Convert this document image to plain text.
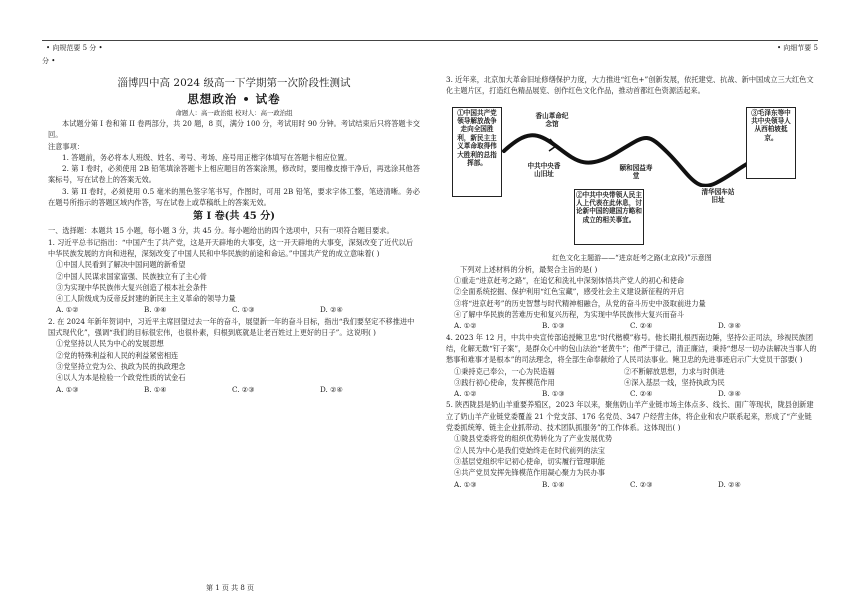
• 向规范要 5 分 •	• 向细节要 5
分 •
淄博四中高 2024 级高一下学期第一次阶段性测试
思想政治 • 试卷
命题人：高一政治组 校对人：高一政治组
本试题分第 I 卷和第 II 卷两部分，共 20 题，8 页，满分 100 分，考试用时 90 分钟。考试结束后只将答题卡交回。
注意事项：
1. 答题前，务必将本人班级、姓名、考号、考场、座号用正楷字体填写在答题卡相应位置。
2. 第 I 卷时，必须使用 2B 铅笔填涂答题卡上相应题目的答案涂黑，修改时，要用橡皮擦干净后，再选涂其他答案标号，写在试卷上的答案无效。
3. 第 II 卷时，必须使用 0.5 毫米的黑色签字笔书写，作图时，可用 2B 铅笔，要求字体工整，笔迹清晰。务必在题号所指示的答题区域内作答，写在试卷上或草稿纸上的答案无效。
第 I 卷(共 45 分)
一、选择题：本题共 15 小题，每小题 3 分，共 45 分。每小题给出的四个选项中，只有一项符合题目要求。
1. 习近平总书记指出：“中国产生了共产党，这是开天辟地的大事变，这一开天辟地的大事变，深刻改变了近代以后中华民族发展的方向和进程，深刻改变了中国人民和中华民族的前途和命运。”中国共产党的成立意味着( )
①中国人民看到了解决中国问题的新希望
②中国人民谋求国家富强、民族独立有了主心骨
③为实现中华民族伟大复兴创造了根本社会条件
④工人阶级成为反帝反封建的新民主主义革命的领导力量
A. ①②	B. ③④	C. ①③	D. ②④
2. 在 2024 年新年贺词中，习近平主席回望过去一年的奋斗，展望新一年的奋斗目标，指出“我们要坚定不移推进中国式现代化”，强调“我们的目标很宏伟，也很朴素，归根到底就是让老百姓过上更好的日子”。这说明( )
①党坚持以人民为中心的发展思想
②党的特殊利益和人民的利益紧密相连
③党坚持立党为公、执政为民的执政理念
④以人为本是检验一个政党性质的试金石
A. ①③	B. ①④	C. ②③	D. ②④
第 1 页 共 8 页
3. 近年来，北京加大革命旧址修缮保护力度，大力推进“红色+”创新发展，依托建党、抗战、新中国成立三大红色文化主题片区，打造红色精品展览、创作红色文化作品，推动首都红色资源活起来。
①中国共产党领导解放战争走向全国胜利，新民主主义革命取得伟大胜利的总指挥部。
香山革命纪念馆
中共中央香山旧址
颐和园益寿堂
②中共中央带领人民主人上代表在此休息，讨论新中国的建国方略和成立的相关事宜。
清华园车站旧址
③毛泽东等中共中央领导人从西柏坡抵京。
红色文化主题游——“进京赶考之路(北京段)”示意图
下列对上述材料的分析，最契合主旨的是( )
①重走“进京赶考之路”，在追忆和洗礼中深刻体悟共产党人的初心和使命
②全面系统挖掘、保护利用“红色宝藏”，感受社会主义建设新征程的开启
③将“进京赶考”的历史智慧与时代精神相融合，从党的奋斗历史中汲取前进力量
④了解中华民族的苦难历史和复兴历程，为实现中华民族伟大复兴而奋斗
A. ①②	B. ①③	C. ②④	D. ③④
4. 2023 年 12 月，中共中央宣传部追授鲍卫忠“时代楷模”称号。他长期扎根西南边陲，坚持公正司法，珍视民族团结，化解无数“钉子案”，是群众心中的包山法治“老黄牛”；他严于律己，清正廉洁，秉持“想尽一切办法解决当事人的愁事和难事才是根本”的司法理念，将全部生命奉献给了人民司法事业。鲍卫忠的先进事迹启示广大党员干部要( )
①秉持克己奉公，一心为民造福	②不断解放思想，力求与时俱进
③践行初心使命，发挥模范作用	④深入基层一线，坚持执政为民
A. ①②	B. ①③	C. ②④	D. ③④
5. 陕西陇县是奶山羊重要养殖区，2023 年以来，聚焦奶山羊产业链市场主体点多、线长、面广等现状，陇县创新建立了奶山羊产业链党委覆盖 21 个党支部、176 名党员、347 户经营主体，将企业和农户联系起来，形成了“产业链党委抓统筹、链主企业抓带动、技术团队抓服务”的工作体系。这体现出( )
①陇县党委将党的组织优势转化为了产业发展优势
②人民为中心是我们党始终走在时代前列的法宝
③基层党组织牢记初心使命，切实履行管理职能
④共产党员发挥先锋模范作用凝心聚力为民办事
A. ①③	B. ①④	C. ②③	D. ②④
